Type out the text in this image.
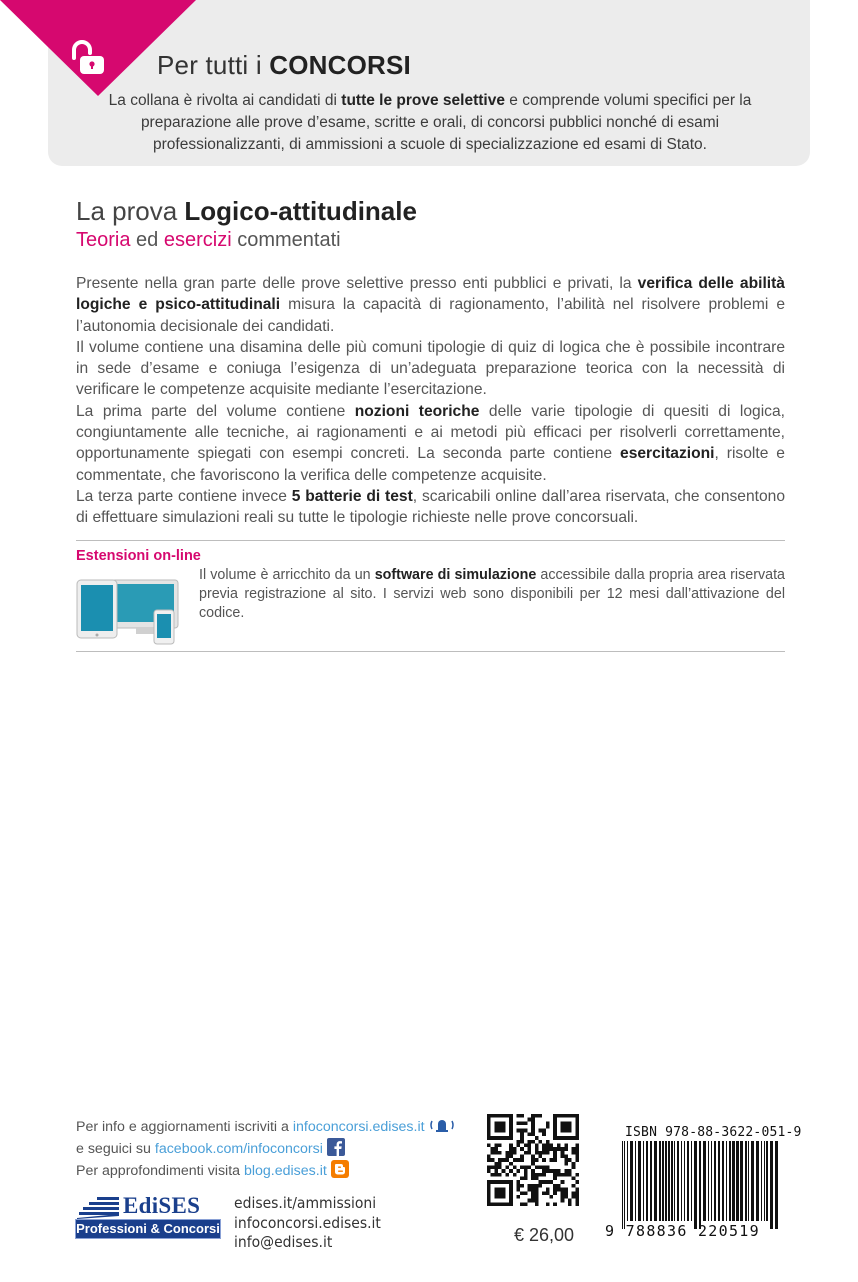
Per tutti i CONCORSI
La collana è rivolta ai candidati di tutte le prove selettive e comprende volumi specifici per la preparazione alle prove d’esame, scritte e orali, di concorsi pubblici nonché di esami professionalizzanti, di ammissioni a scuole di specializzazione ed esami di Stato.
La prova Logico-attitudinale
Teoria ed esercizi commentati

Presente nella gran parte delle prove selettive presso enti pubblici e privati, la verifica delle abilità logiche e psico-attitudinali misura la capacità di ragionamento, l’abilità nel risolvere problemi e l’autonomia decisionale dei candidati.

Il volume contiene una disamina delle più comuni tipologie di quiz di logica che è possibile incontrare in sede d’esame e coniuga l’esigenza di un’adeguata preparazione teorica con la necessità di verificare le competenze acquisite mediante l’esercitazione.

La prima parte del volume contiene nozioni teoriche delle varie tipologie di quesiti di logica, congiuntamente alle tecniche, ai ragionamenti e ai metodi più efficaci per risolverli correttamente, opportunamente spiegati con esempi concreti. La seconda parte contiene esercitazioni, risolte e commentate, che favoriscono la verifica delle competenze acquisite.

La terza parte contiene invece 5 batterie di test, scaricabili online dall’area riservata, che consentono di effettuare simulazioni reali su tutte le tipologie richieste nelle prove concorsuali.

Estensioni on-line
Il volume è arricchito da un software di simulazione accessibile dalla propria area riservata previa registrazione al sito. I servizi web sono disponibili per 12 mesi dall’attivazione del codice.
Per info e aggiornamenti iscriviti a infoconcorsi.edises.it
e seguici su facebook.com/infoconcorsi
Per approfondimenti visita blog.edises.it
EdiSES
Professioni & Concorsi
edises.it/ammissioni
infoconcorsi.edises.it
info@edises.it	€ 26,00
ISBN 978-88-3622-051-9
9 788836 220519
